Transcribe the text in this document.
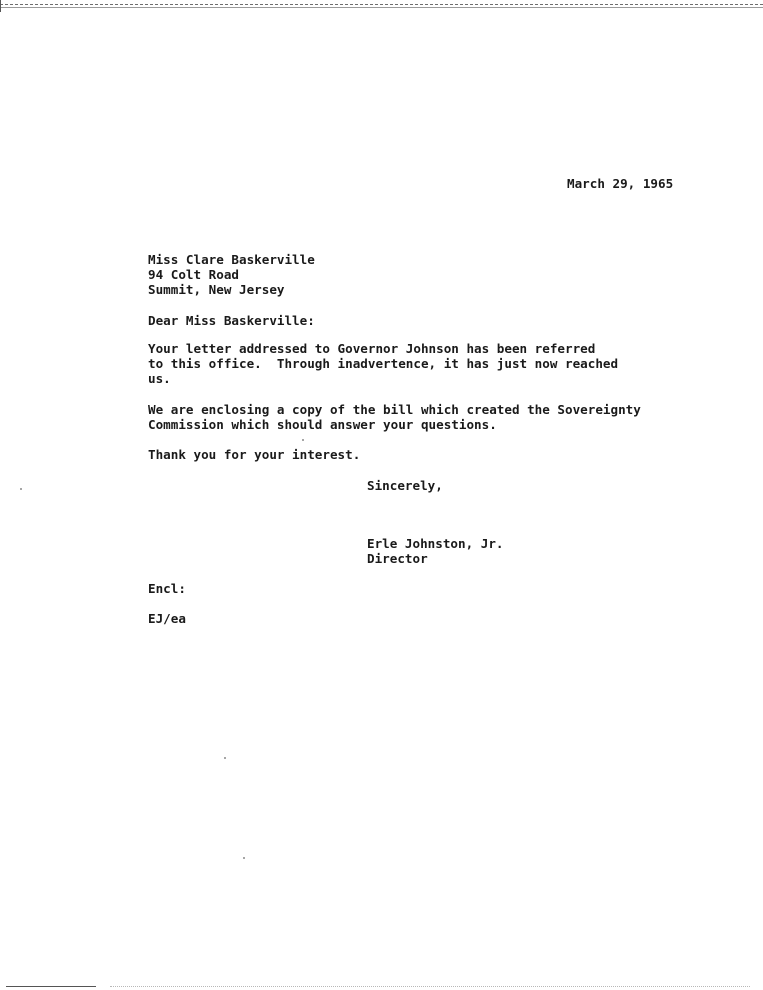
March 29, 1965

Miss Clare Baskerville

94 Colt Road

Summit, New Jersey

Dear Miss Baskerville:

Your letter addressed to Governor Johnson has been referred

to this office.  Through inadvertence, it has just now reached

us.

We are enclosing a copy of the bill which created the Sovereignty

Commission which should answer your questions.

Thank you for your interest.

Sincerely,

Erle Johnston, Jr.

Director

Encl:

EJ/ea
